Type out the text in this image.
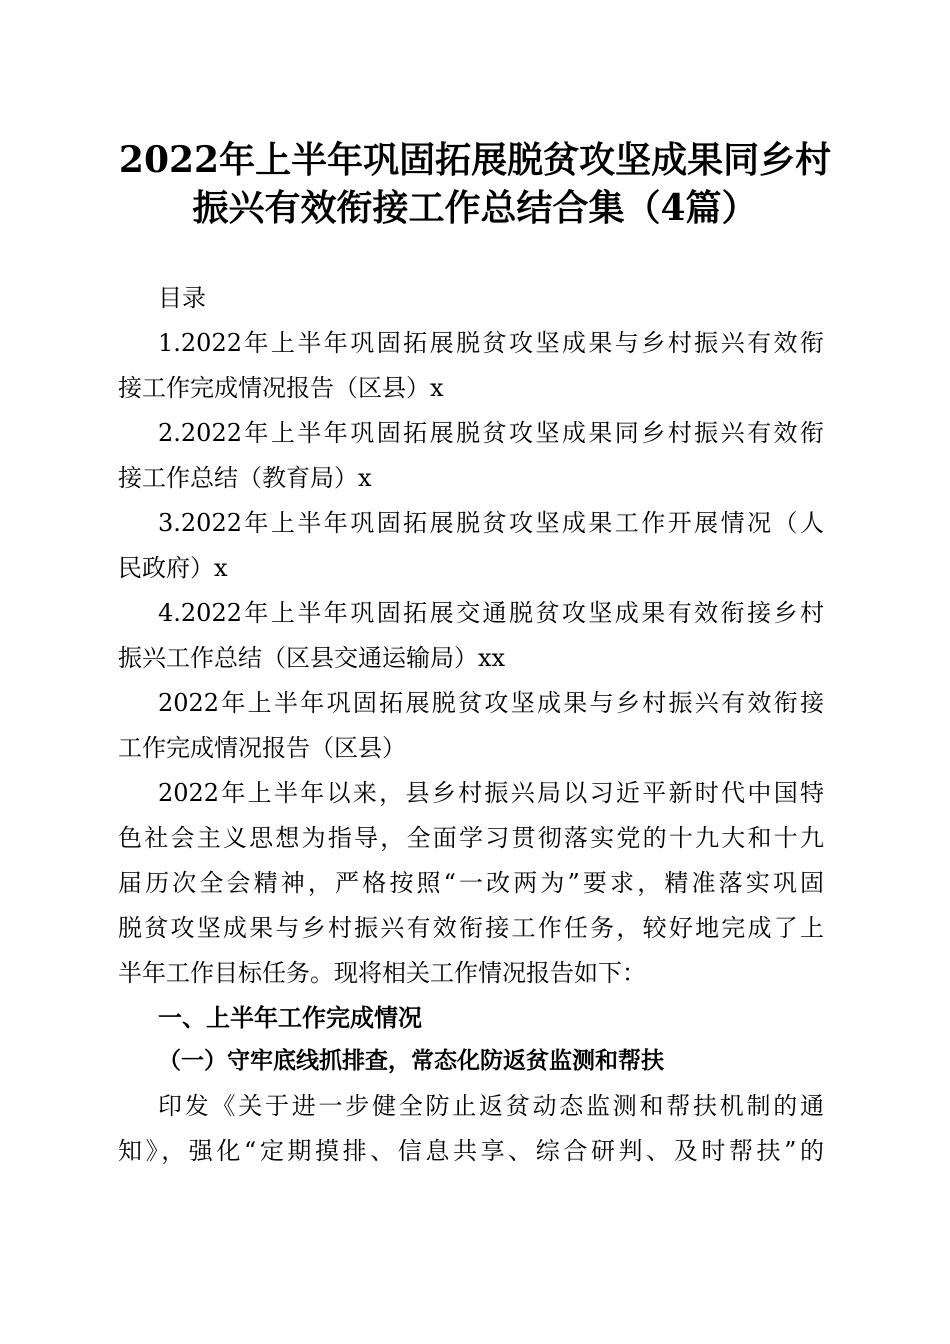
2022年上半年巩固拓展脱贫攻坚成果同乡村
振兴有效衔接工作总结合集（4篇）
目录
1.2022年上半年巩固拓展脱贫攻坚成果与乡村振兴有效衔
接工作完成情况报告（区县）x
2.2022年上半年巩固拓展脱贫攻坚成果同乡村振兴有效衔
接工作总结（教育局）x
3.2022年上半年巩固拓展脱贫攻坚成果工作开展情况（人
民政府）x
4.2022年上半年巩固拓展交通脱贫攻坚成果有效衔接乡村
振兴工作总结（区县交通运输局）xx
2022年上半年巩固拓展脱贫攻坚成果与乡村振兴有效衔接
工作完成情况报告（区县）
2022年上半年以来，县乡村振兴局以习近平新时代中国特
色社会主义思想为指导，全面学习贯彻落实党的十九大和十九
届历次全会精神，严格按照“一改两为”要求，精准落实巩固
脱贫攻坚成果与乡村振兴有效衔接工作任务，较好地完成了上
半年工作目标任务。现将相关工作情况报告如下：
一、上半年工作完成情况
（一）守牢底线抓排查，常态化防返贫监测和帮扶
印发《关于进一步健全防止返贫动态监测和帮扶机制的通
知》，强化“定期摸排、信息共享、综合研判、及时帮扶”的
